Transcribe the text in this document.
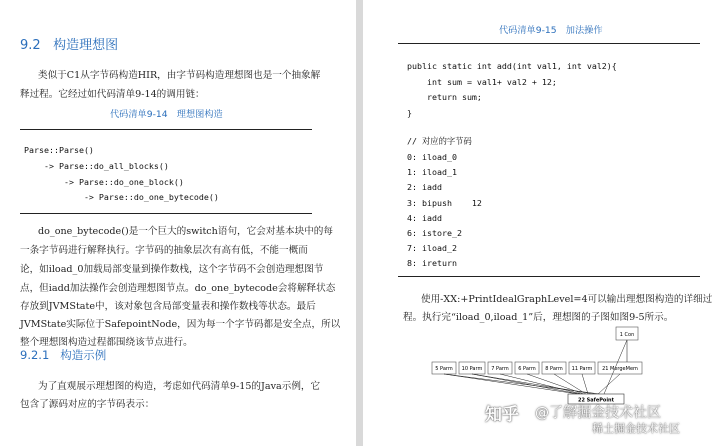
9.2 构造理想图
类似于C1从字节码构造HIR，由字节码构造理想图也是一个抽象解
释过程。它经过如代码清单9-14的调用链：
代码清单9-14　理想图构造
Parse::Parse()
-> Parse::do_all_blocks()
-> Parse::do_one_block()
-> Parse::do_one_bytecode()
do_one_bytecode()是一个巨大的switch语句，它会对基本块中的每
一条字节码进行解释执行。字节码的抽象层次有高有低，不能一概而
论，如iload_0加载局部变量到操作数栈，这个字节码不会创造理想图节
点，但iadd加法操作会创造理想图节点。do_one_bytecode会将解释状态
存放到JVMState中，该对象包含局部变量表和操作数栈等状态。最后
JVMState实际位于SafepointNode，因为每一个字节码都是安全点，所以
整个理想图构造过程都围绕该节点进行。
9.2.1 构造示例
为了直观展示理想图的构造，考虑如代码清单9-15的Java示例，它
包含了源码对应的字节码表示：
代码清单9-15　加法操作
public static int add(int val1, int val2){
int sum = val1+ val2 + 12;
return sum;
}
// 对应的字节码
0: iload_0
1: iload_1
2: iadd
3: bipush    12
4: iadd
6: istore_2
7: iload_2
8: ireturn
使用-XX:+PrintIdealGraphLevel=4可以输出理想图构造的详细过
程。执行完“iload_0,iload_1”后，理想图的子图如图9-5所示。
1 Con
5 Parm 10 Parm 7 Parm 6 Parm 8 Parm 11 Parm 21 MergeMem
22 SafePoint
知乎 @了解掘金技术社区
稀土掘金技术社区
